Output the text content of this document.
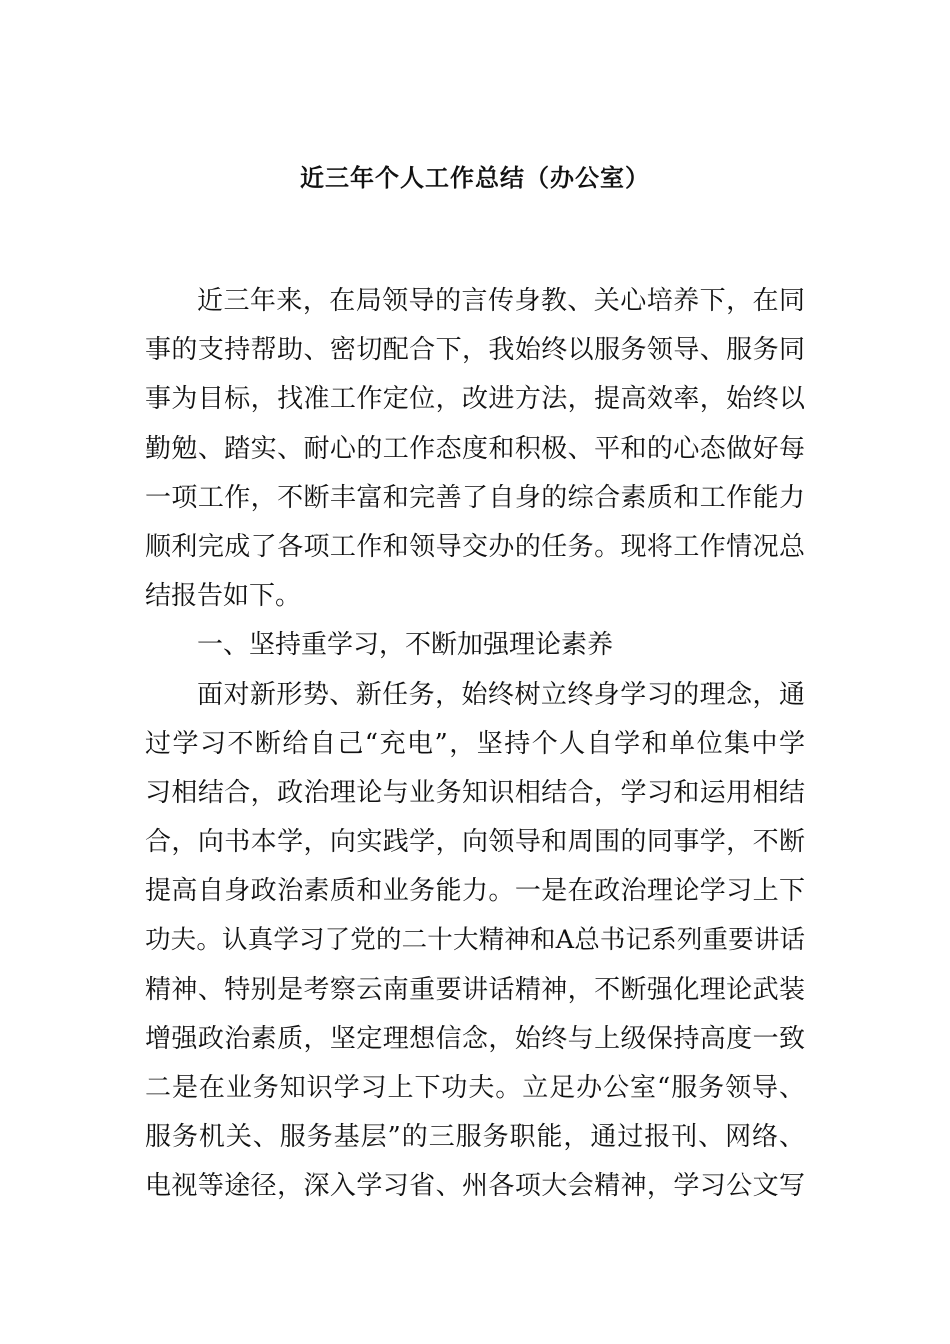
近三年个人工作总结（办公室）
近三年来，在局领导的言传身教、关心培养下，在同
事的支持帮助、密切配合下，我始终以服务领导、服务同
事为目标，找准工作定位，改进方法，提高效率，始终以
勤勉、踏实、耐心的工作态度和积极、平和的心态做好每
一项工作，不断丰富和完善了自身的综合素质和工作能力
顺利完成了各项工作和领导交办的任务。现将工作情况总
结报告如下。
一、坚持重学习，不断加强理论素养
面对新形势、新任务，始终树立终身学习的理念，通
过学习不断给自己“充电”，坚持个人自学和单位集中学
习相结合，政治理论与业务知识相结合，学习和运用相结
合，向书本学，向实践学，向领导和周围的同事学，不断
提高自身政治素质和业务能力。一是在政治理论学习上下
功夫。认真学习了党的二十大精神和A总书记系列重要讲话
精神、特别是考察云南重要讲话精神，不断强化理论武装
增强政治素质，坚定理想信念，始终与上级保持高度一致
二是在业务知识学习上下功夫。立足办公室“服务领导、
服务机关、服务基层”的三服务职能，通过报刊、网络、
电视等途径，深入学习省、州各项大会精神，学习公文写
